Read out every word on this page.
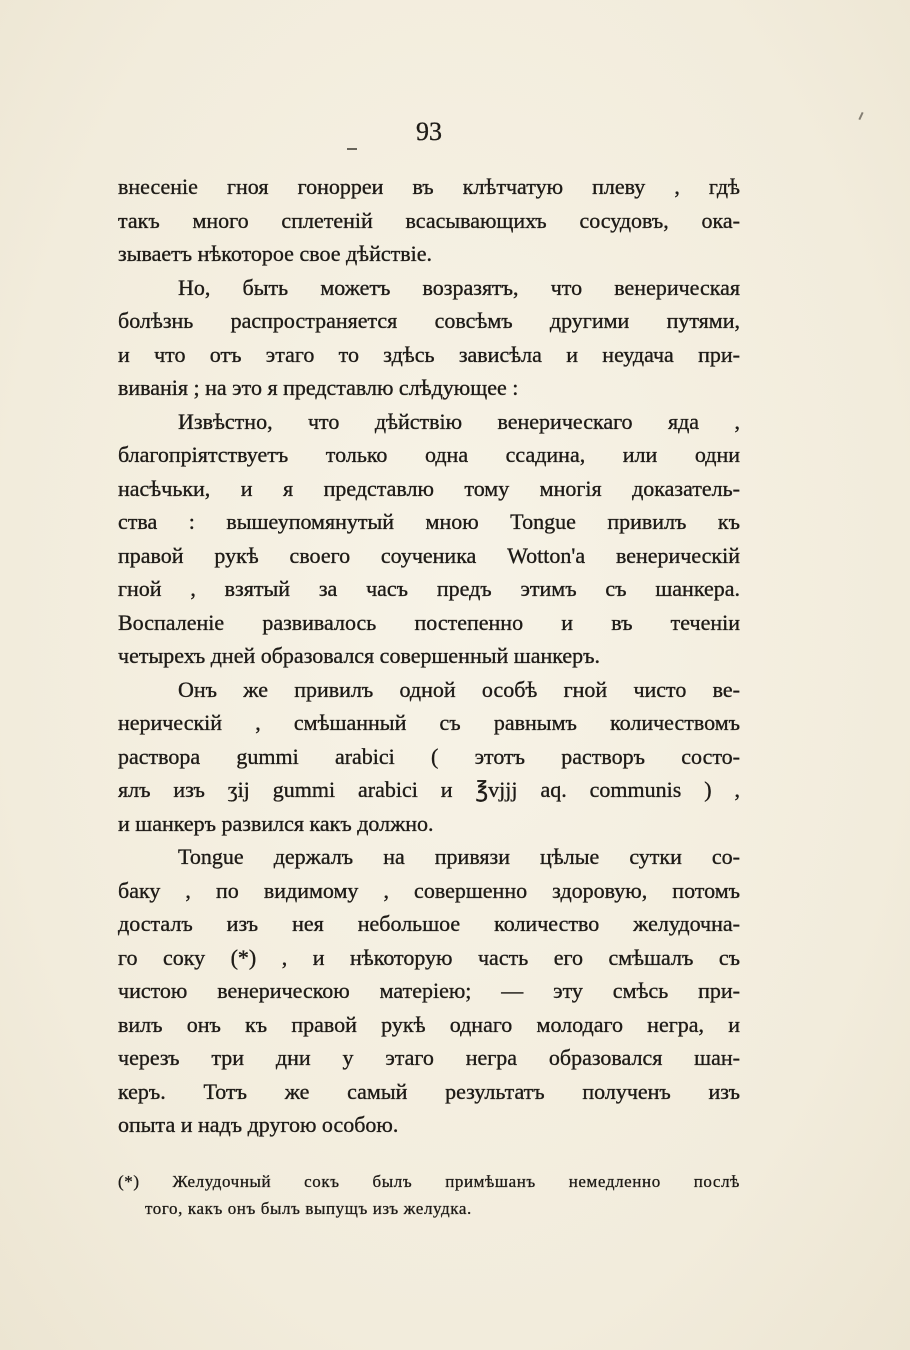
93
внесеніе гноя гонорреи въ клѣтчатую плеву , гдѣ
такъ много сплетеній всасывающихъ сосудовъ, ока-
зываетъ нѣкоторое свое дѣйствіе.
Но, быть можетъ возразятъ, что венерическая
болѣзнь распространяется совсѣмъ другими путями,
и что отъ этаго то здѣсь зависѣла и неудача при-
виванія ; на это я представлю слѣдующее :
Извѣстно, что дѣйствію венерическаго яда ,
благопріятствуетъ только одна ссадина, или одни
насѣчьки, и я представлю тому многія доказатель-
ства : вышеупомянутый мною Tongue привилъ къ
правой рукѣ своего соученика Wotton'а венерическій
гной , взятый за часъ предъ этимъ съ шанкера.
Воспаленіе развивалось постепенно и въ теченіи
четырехъ дней образовался совершенный шанкеръ.
Онъ же привилъ одной особѣ гной чисто ве-
нерическій , смѣшанный съ равнымъ количествомъ
раствора gummi arabici ( этотъ растворъ состо-
ялъ изъ ʒij gummi arabici и ℥vjjj aq. communis ) ,
и шанкеръ развился какъ должно.
Tongue держалъ на привязи цѣлые сутки со-
баку , по видимому , совершенно здоровую, потомъ
досталъ изъ нея небольшое количество желудочна-
го соку (*) , и нѣкоторую часть его смѣшалъ съ
чистою венерическою матеріею; — эту смѣсь при-
вилъ онъ къ правой рукѣ однаго молодаго негра, и
черезъ три дни у этаго негра образовался шан-
керъ. Тотъ же самый результатъ полученъ изъ
опыта и надъ другою особою.
(*) Желудочный сокъ былъ примѣшанъ немедленно послѣ
того, какъ онъ былъ выпущъ изъ желудка.
